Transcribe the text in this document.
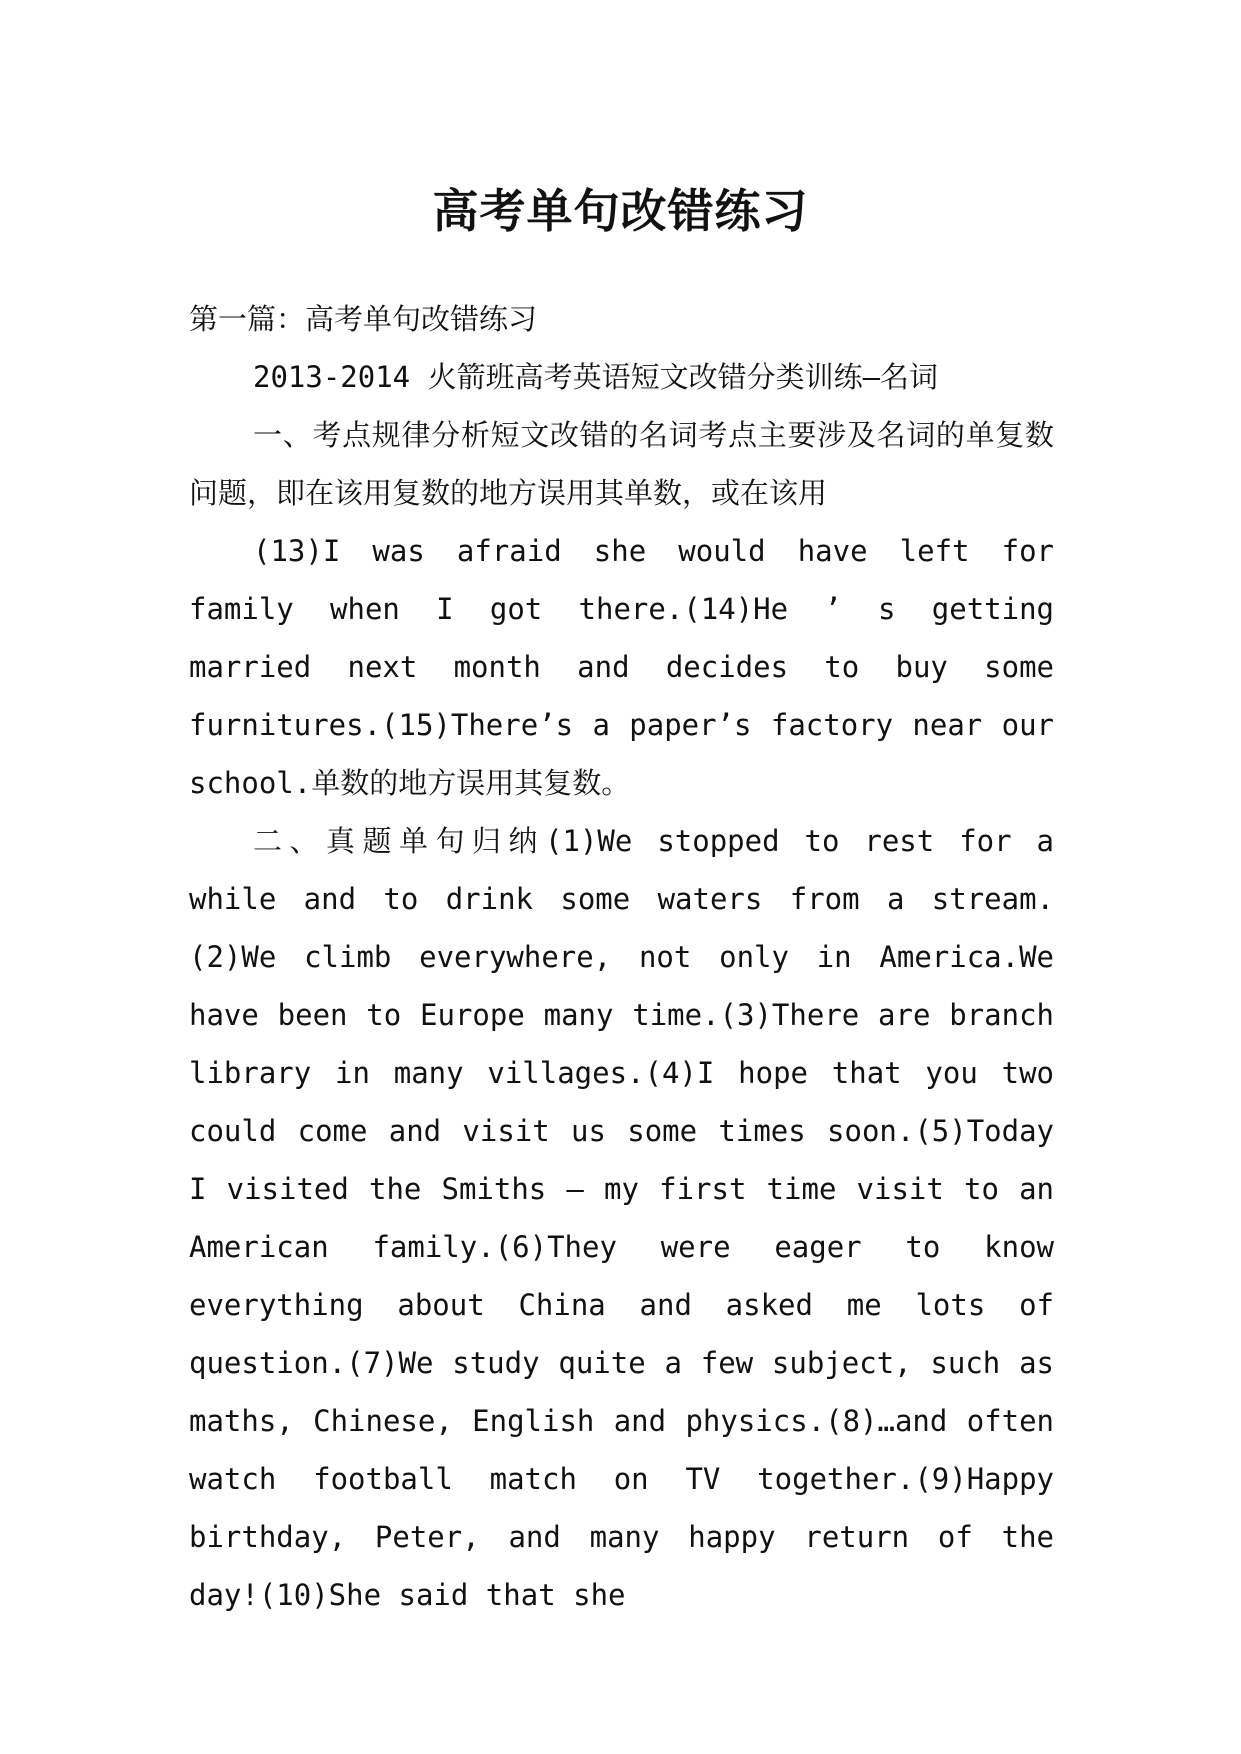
高考单句改错练习

第一篇：高考单句改错练习

2013-2014 火箭班高考英语短文改错分类训练—名词

一、考点规律分析短文改错的名词考点主要涉及名词的单复数问题，即在该用复数的地方误用其单数，或在该用

(13)I was afraid she would have left for family when I got there.(14)He ’ s getting married next month and decides to buy some furnitures.(15)There’s a paper’s factory near our school.单数的地方误用其复数。

二、真题单句归纳(1)We stopped to rest for a while and to drink some waters from a stream.(2)We climb everywhere, not only in America.We have been to Europe many time.(3)There are branch library in many villages.(4)I hope that you two could come and visit us some times soon.(5)Today I visited the Smiths — my first time visit to an American family.(6)They were eager to know everything about China and asked me lots of question.(7)We study quite a few subject, such as maths, Chinese, English and physics.(8)…and often watch football match on TV together.(9)Happy birthday, Peter, and many happy return of the day!(10)She said that she
